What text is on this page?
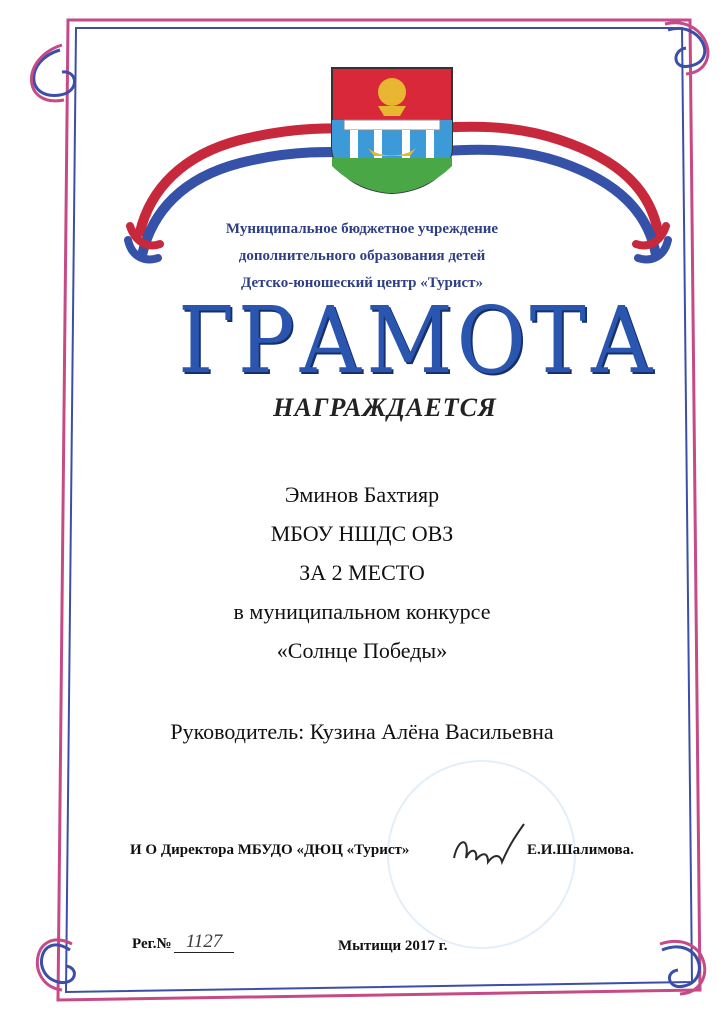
Муниципальное бюджетное учреждение
дополнительного образования детей
Детско-юношеский центр «Турист»
ГРАМОТА
НАГРАЖДАЕТСЯ
Эминов Бахтияр
МБОУ НШДС ОВЗ
ЗА 2 МЕСТО
в муниципальном конкурсе
«Солнце Победы»
Руководитель: Кузина Алёна Васильевна
И О Директора МБУДО «ДЮЦ «Турист»	Е.И.Шалимова.
Рег.№ 1127	Мытищи 2017 г.
